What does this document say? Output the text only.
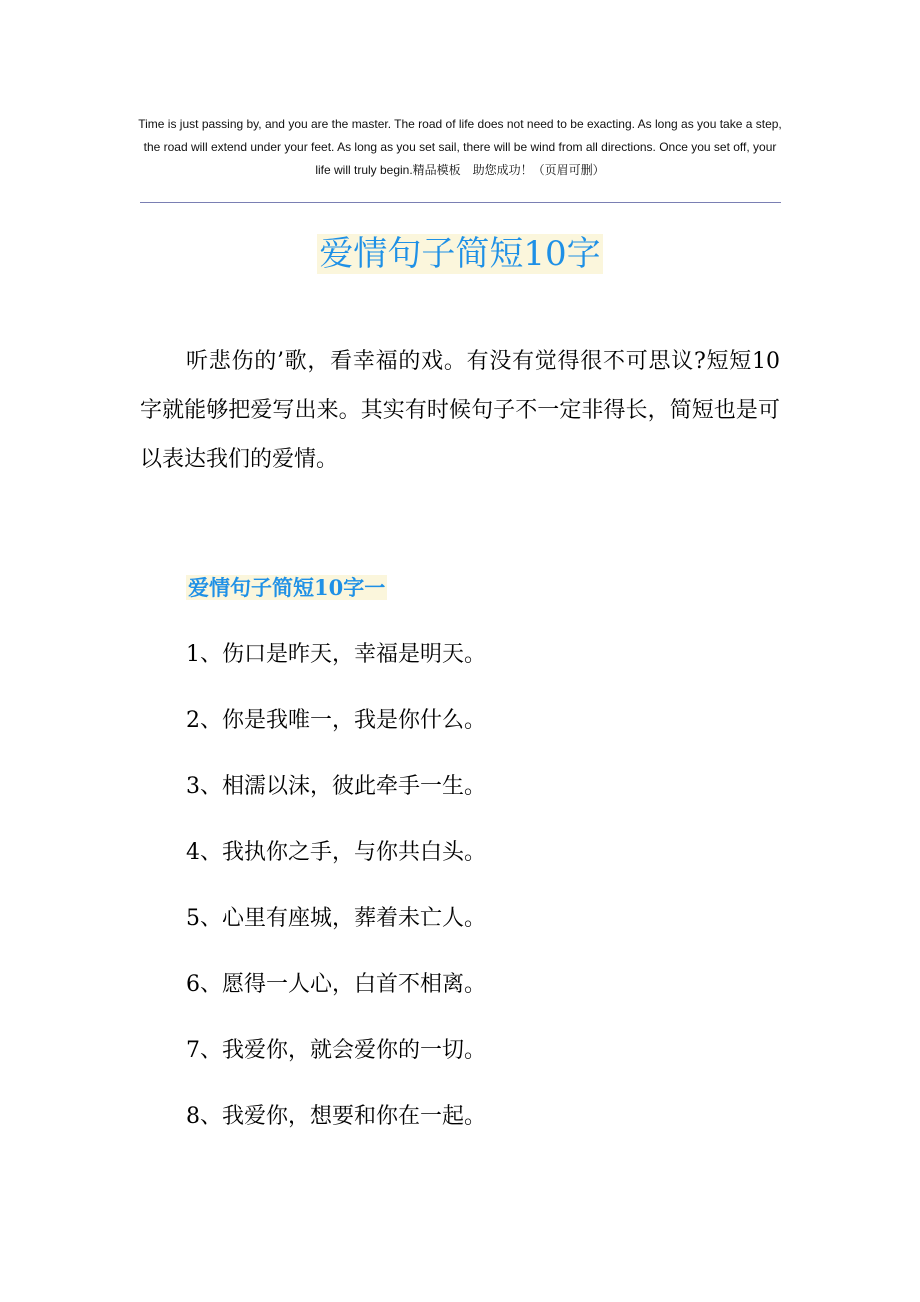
Time is just passing by, and you are the master. The road of life does not need to be exacting. As long as you take a step, the road will extend under your feet. As long as you set sail, there will be wind from all directions. Once you set off, your life will truly begin.精品模板　助您成功！（页眉可删）
爱情句子简短10字

听悲伤的’歌，看幸福的戏。有没有觉得很不可思议?短短10字就能够把爱写出来。其实有时候句子不一定非得长，简短也是可以表达我们的爱情。

爱情句子简短10字一
1、伤口是昨天，幸福是明天。
2、你是我唯一，我是你什么。
3、相濡以沫，彼此牵手一生。
4、我执你之手，与你共白头。
5、心里有座城，葬着未亡人。
6、愿得一人心，白首不相离。
7、我爱你，就会爱你的一切。
8、我爱你，想要和你在一起。
